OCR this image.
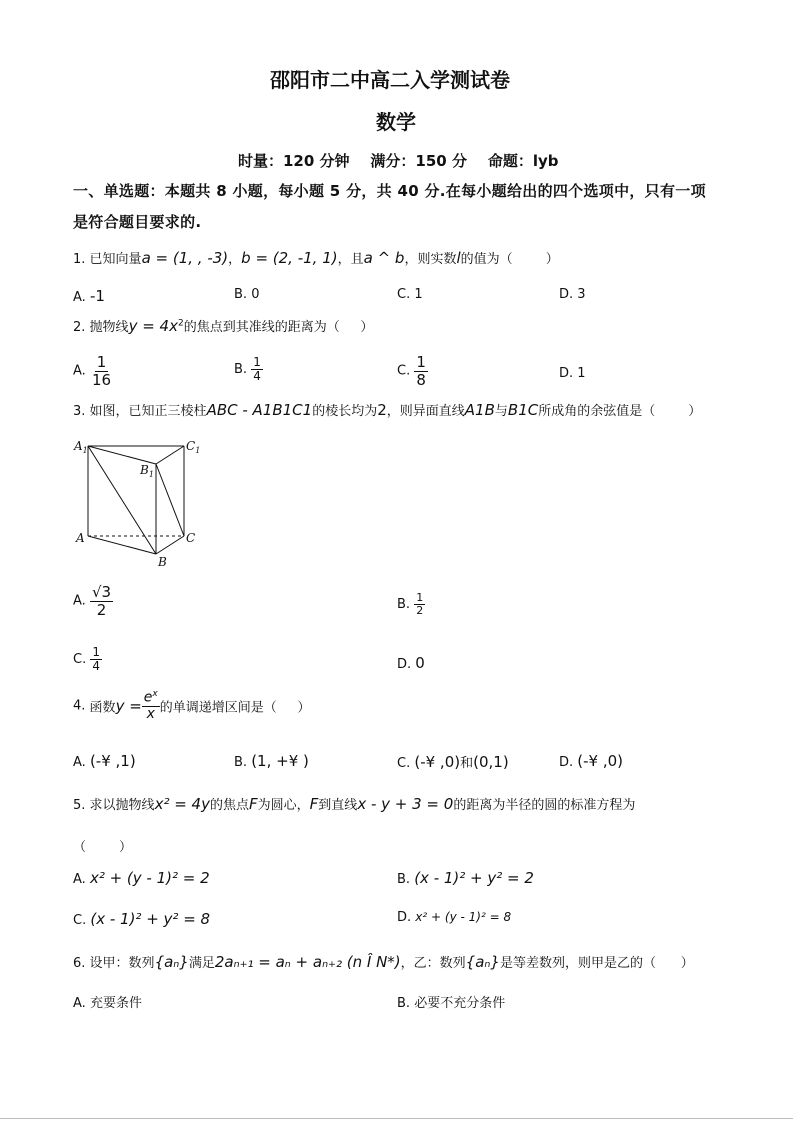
邵阳市二中高二入学测试卷
数学
时量：120 分钟    满分：150 分    命题：lyb
一、单选题：本题共 8 小题，每小题 5 分，共 40 分.在每小题给出的四个选项中，只有一项
是符合题目要求的.
1. 已知向量a = (1, , -3)，b = (2, -1, 1)，且a ^ b，则实数l的值为（        ）
A. -1	B. 0	C. 1	D. 3
2. 抛物线$y = 4x^2$的焦点到其准线的距离为（     ）
A. $\frac{1}{16}$	B. $\frac{1}{4}$	C. $\frac{1}{8}$	D. 1
3. 如图，已知正三棱柱ABC - A1B1C1的棱长均为2，则异面直线A1B与B1C所成角的余弦值是（        ）
$A_1$	$C_1$
$B_1$
A	C
B
A. $\frac{√3}{2}$	B. $\frac{1}{2}$
C. $\frac{1}{4}$	D. 0
4. 函数$y = \frac{e^x}{x}$ 的单调递增区间是（     ）
A. (-¥ ,1)	B. (1, +¥ )	C. (-¥ ,0)和(0,1)	D. (-¥ ,0)
5. 求以抛物线x² = 4y的焦点F为圆心，F到直线x - y + 3 = 0的距离为半径的圆的标准方程为
（        ）
A. x² + (y - 1)² = 2	B. (x - 1)² + y² = 2
C. (x - 1)² + y² = 8	D. x² + (y - 1)² = 8
6. 设甲：数列{aₙ}满足2aₙ₊₁ = aₙ + aₙ₊₂ (n Î N*)，乙：数列{aₙ}是等差数列，则甲是乙的（      ）
A. 充要条件	B. 必要不充分条件
